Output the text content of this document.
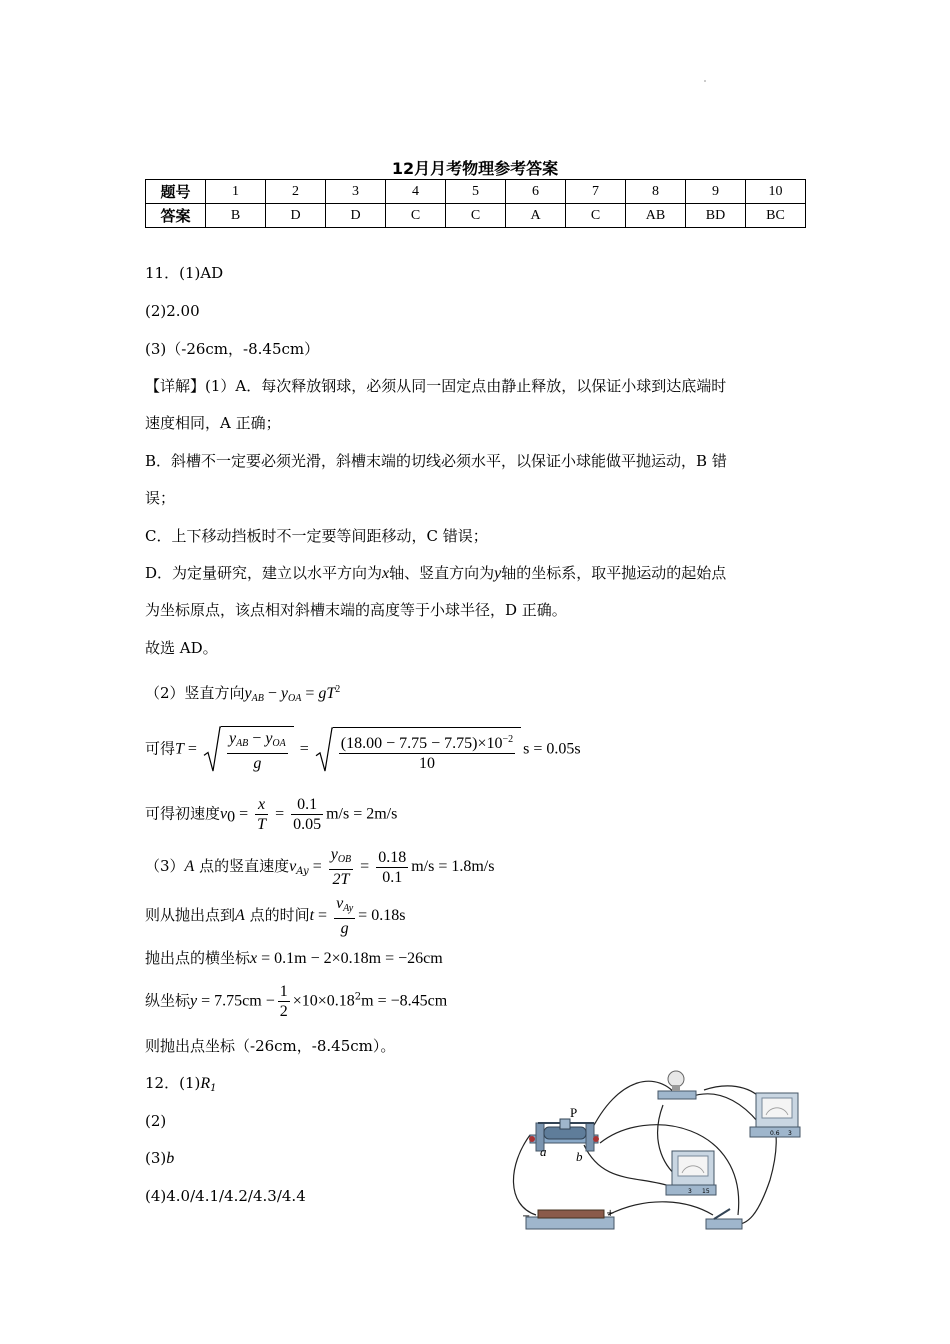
12月月考物理参考答案
题号	1	2	3	4	5	6	7	8	9	10
答案	B	D	D	C	C	A	C	AB	BD	BC
11．(1)AD
(2)2.00
(3)（-26cm，-8.45cm）
【详解】(1）A．每次释放钢球，必须从同一固定点由静止释放，以保证小球到达底端时
速度相同，A 正确；
B．斜槽不一定要必须光滑，斜槽末端的切线必须水平，以保证小球能做平抛运动，B 错
误；
C．上下移动挡板时不一定要等间距移动，C 错误；
D．为定量研究，建立以水平方向为x轴、竖直方向为y轴的坐标系，取平抛运动的起始点
为坐标原点，该点相对斜槽末端的高度等于小球半径，D 正确。
故选 AD。
（2）竖直方向$y_{AB} - y_{OA} = gT^2$
可得$T = \frac{y_{AB} - y_{OA}}{g} = \frac{(18.00 - 7.75 - 7.75)\times 10^{-2}}{10}$ s = 0.05s
可得初速度$v_0 = \frac{x}{T} = \frac{0.1}{0.05} m/s = 2m/s$
（3）A 点的竖直速度$v_{Ay} = \frac{y_{OB}}{2T} = \frac{0.18}{0.1} m/s = 1.8m/s$
则从抛出点到A 点的时间$t = \frac{v_{Ay}}{g} = 0.18s$
抛出点的横坐标x = 0.1m − 2×0.18m = −26cm
纵坐标$y = 7.75cm - \frac{1}{2} \times 10\times 0.18^2m = -8.45cm$
则抛出点坐标（-26cm，-8.45cm）。
12．$(1)R_1$
(2)
(3)b
(4)4.0/4.1/4.2/4.3/4.4
P
a b
0.6 3
3 15
−	+
